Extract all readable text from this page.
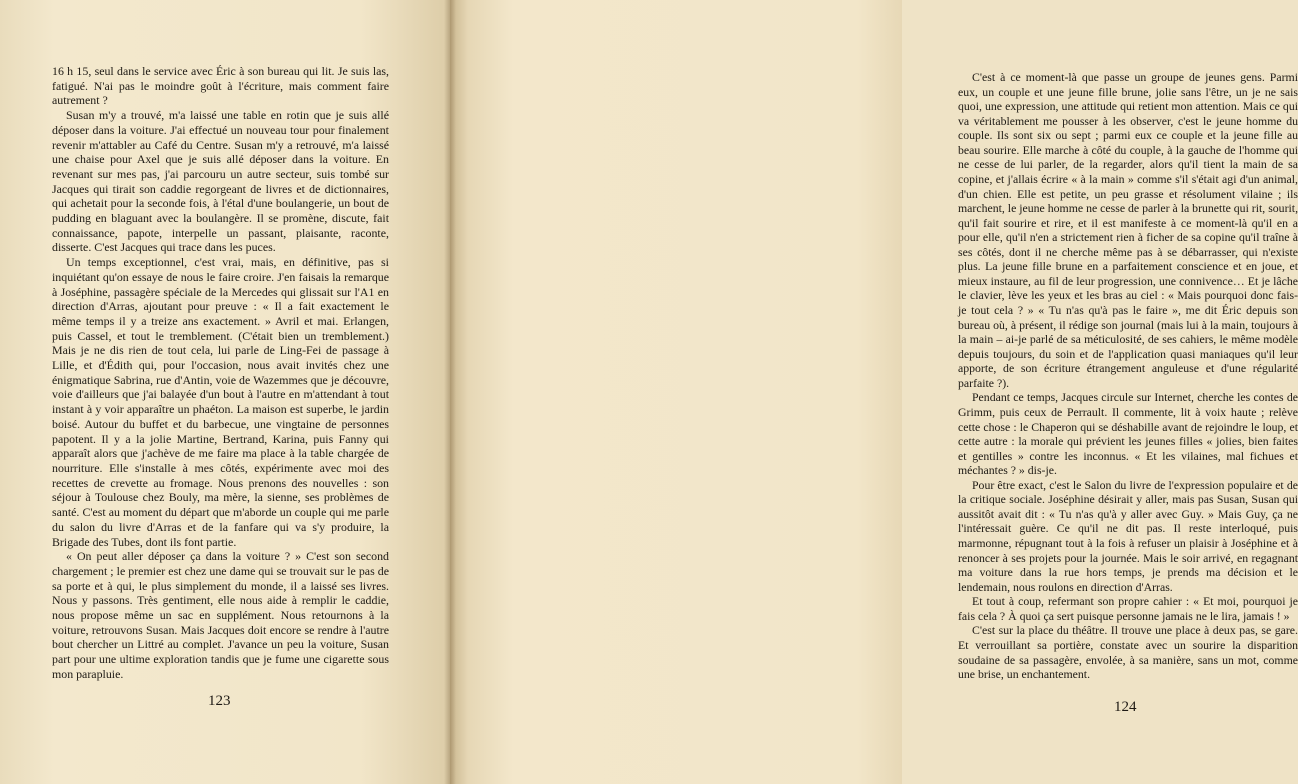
16 h 15, seul dans le service avec Éric à son bureau qui lit. Je suis las, fatigué. N'ai pas le moindre goût à l'écriture, mais comment faire autrement ?

Susan m'y a trouvé, m'a laissé une table en rotin que je suis allé déposer dans la voiture. J'ai effectué un nouveau tour pour finalement revenir m'attabler au Café du Centre. Susan m'y a retrouvé, m'a laissé une chaise pour Axel que je suis allé déposer dans la voiture. En revenant sur mes pas, j'ai parcouru un autre secteur, suis tombé sur Jacques qui tirait son caddie regorgeant de livres et de dictionnaires, qui achetait pour la seconde fois, à l'étal d'une boulangerie, un bout de pudding en blaguant avec la boulangère. Il se promène, discute, fait connaissance, papote, interpelle un passant, plaisante, raconte, disserte. C'est Jacques qui trace dans les puces.

Un temps exceptionnel, c'est vrai, mais, en définitive, pas si inquiétant qu'on essaye de nous le faire croire. J'en faisais la remarque à Joséphine, passagère spéciale de la Mercedes qui glissait sur l'A1 en direction d'Arras, ajoutant pour preuve : « Il a fait exactement le même temps il y a treize ans exactement. » Avril et mai. Erlangen, puis Cassel, et tout le tremblement. (C'était bien un tremblement.) Mais je ne dis rien de tout cela, lui parle de Ling-Fei de passage à Lille, et d'Édith qui, pour l'occasion, nous avait invités chez une énigmatique Sabrina, rue d'Antin, voie de Wazemmes que je découvre, voie d'ailleurs que j'ai balayée d'un bout à l'autre en m'attendant à tout instant à y voir apparaître un phaéton. La maison est superbe, le jardin boisé. Autour du buffet et du barbecue, une vingtaine de personnes papotent. Il y a la jolie Martine, Bertrand, Karina, puis Fanny qui apparaît alors que j'achève de me faire ma place à la table chargée de nourriture. Elle s'installe à mes côtés, expérimente avec moi des recettes de crevette au fromage. Nous prenons des nouvelles : son séjour à Toulouse chez Bouly, ma mère, la sienne, ses problèmes de santé. C'est au moment du départ que m'aborde un couple qui me parle du salon du livre d'Arras et de la fanfare qui va s'y produire, la Brigade des Tubes, dont ils font partie.

« On peut aller déposer ça dans la voiture ? » C'est son second chargement ; le premier est chez une dame qui se trouvait sur le pas de sa porte et à qui, le plus simplement du monde, il a laissé ses livres. Nous y passons. Très gentiment, elle nous aide à remplir le caddie, nous propose même un sac en supplément. Nous retournons à la voiture, retrouvons Susan. Mais Jacques doit encore se rendre à l'autre bout chercher un Littré au complet. J'avance un peu la voiture, Susan part pour une ultime exploration tandis que je fume une cigarette sous mon parapluie.

123

C'est à ce moment-là que passe un groupe de jeunes gens. Parmi eux, un couple et une jeune fille brune, jolie sans l'être, un je ne sais quoi, une expression, une attitude qui retient mon attention. Mais ce qui va véritablement me pousser à les observer, c'est le jeune homme du couple. Ils sont six ou sept ; parmi eux ce couple et la jeune fille au beau sourire. Elle marche à côté du couple, à la gauche de l'homme qui ne cesse de lui parler, de la regarder, alors qu'il tient la main de sa copine, et j'allais écrire « à la main » comme s'il s'était agi d'un animal, d'un chien. Elle est petite, un peu grasse et résolument vilaine ; ils marchent, le jeune homme ne cesse de parler à la brunette qui rit, sourit, qu'il fait sourire et rire, et il est manifeste à ce moment-là qu'il en a pour elle, qu'il n'en a strictement rien à ficher de sa copine qu'il traîne à ses côtés, dont il ne cherche même pas à se débarrasser, qui n'existe plus. La jeune fille brune en a parfaitement conscience et en joue, et mieux instaure, au fil de leur progression, une connivence… Et je lâche le clavier, lève les yeux et les bras au ciel : « Mais pourquoi donc fais-je tout cela ? » « Tu n'as qu'à pas le faire », me dit Éric depuis son bureau où, à présent, il rédige son journal (mais lui à la main, toujours à la main – ai-je parlé de sa méticulosité, de ses cahiers, le même modèle depuis toujours, du soin et de l'application quasi maniaques qu'il leur apporte, de son écriture étrangement anguleuse et d'une régularité parfaite ?).

Pendant ce temps, Jacques circule sur Internet, cherche les contes de Grimm, puis ceux de Perrault. Il commente, lit à voix haute ; relève cette chose : le Chaperon qui se déshabille avant de rejoindre le loup, et cette autre : la morale qui prévient les jeunes filles « jolies, bien faites et gentilles » contre les inconnus. « Et les vilaines, mal fichues et méchantes ? » dis-je.

Pour être exact, c'est le Salon du livre de l'expression populaire et de la critique sociale. Joséphine désirait y aller, mais pas Susan, Susan qui aussitôt avait dit : « Tu n'as qu'à y aller avec Guy. » Mais Guy, ça ne l'intéressait guère. Ce qu'il ne dit pas. Il reste interloqué, puis marmonne, répugnant tout à la fois à refuser un plaisir à Joséphine et à renoncer à ses projets pour la journée. Mais le soir arrivé, en regagnant ma voiture dans la rue hors temps, je prends ma décision et le lendemain, nous roulons en direction d'Arras.

Et tout à coup, refermant son propre cahier : « Et moi, pourquoi je fais cela ? À quoi ça sert puisque personne jamais ne le lira, jamais ! »

C'est sur la place du théâtre. Il trouve une place à deux pas, se gare. Et verrouillant sa portière, constate avec un sourire la disparition soudaine de sa passagère, envolée, à sa manière, sans un mot, comme une brise, un enchantement.

124
